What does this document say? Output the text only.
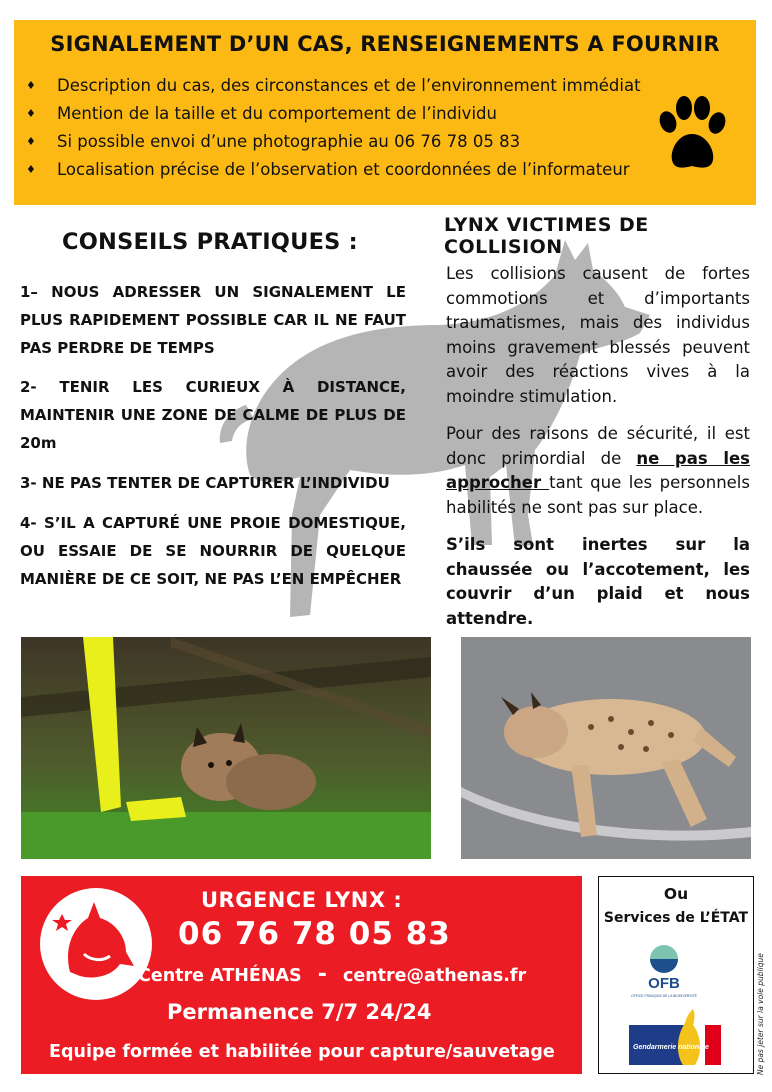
SIGNALEMENT D’UN CAS, RENSEIGNEMENTS A FOURNIR
♦ Description du cas, des circonstances et de l’environnement immédiat
♦ Mention de la taille et du comportement de l’individu
♦ Si possible envoi d’une photographie au 06 76 78 05 83
♦ Localisation précise de l’observation et coordonnées de l’informateur
CONSEILS PRATIQUES :

1– NOUS ADRESSER UN SIGNALEMENT LE PLUS RAPIDEMENT POSSIBLE CAR IL NE FAUT PAS PERDRE DE TEMPS

2- TENIR LES CURIEUX À DISTANCE, MAINTENIR UNE ZONE DE CALME DE PLUS DE 20m

3- NE PAS TENTER DE CAPTURER L’INDIVIDU

4- S’IL A CAPTURÉ UNE PROIE DOMESTIQUE, OU ESSAIE DE SE NOURRIR DE QUELQUE MANIÈRE DE CE SOIT, NE PAS L’EN EMPÊCHER

LYNX VICTIMES DE COLLISION

Les collisions causent de fortes commotions et d’importants traumatismes, mais des individus moins gravement blessés peuvent avoir des réactions vives à la moindre stimulation.

Pour des raisons de sécurité, il est donc primordial de ne pas les approcher tant que les personnels habilités ne sont pas sur place.

S’ils sont inertes sur la chaussée ou l’accotement, les couvrir d’un plaid et nous attendre.

URGENCE LYNX :
06 76 78 05 83
Centre ATHÉNAS - centre@athenas.fr
Permanence 7/7 24/24
Equipe formée et habilitée pour capture/sauvetage
Ou
Services de L’ÉTAT
OFB
OFFICE FRANÇAIS DE LA BIODIVERSITÉ
Gendarmerie nationale	Ne pas jeter sur la voie publique
